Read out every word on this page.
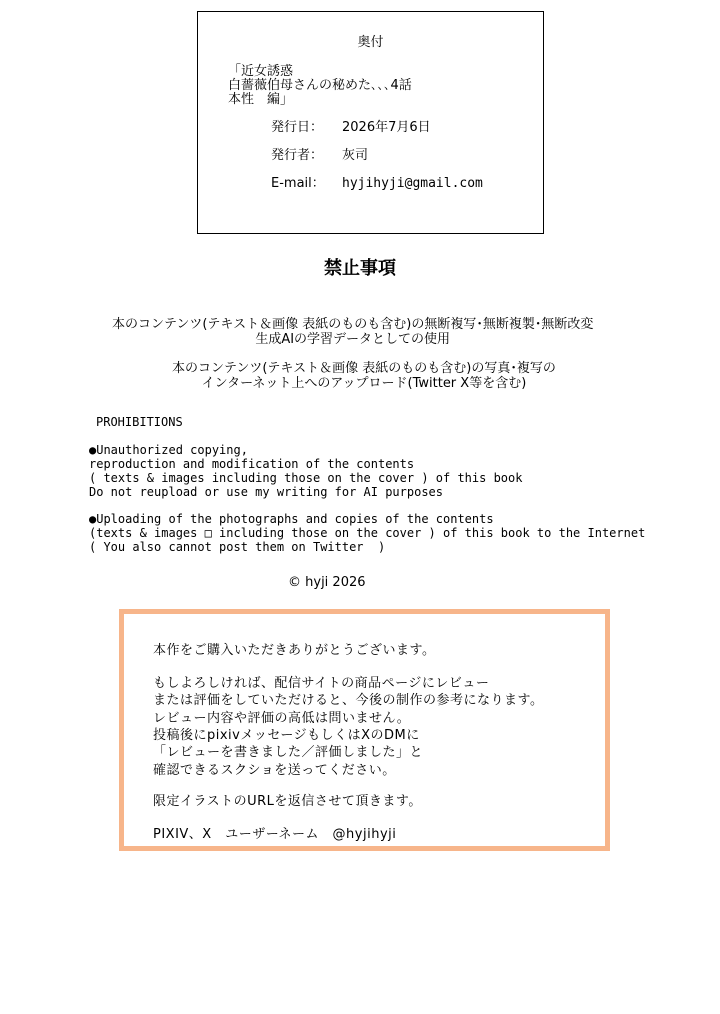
奥付
「近女誘惑
白薔薇伯母さんの秘めた､､､4話
本性　編」
発行日： 2026年7月6日
発行者： 灰司
E-mail： hyjihyji@gmail.com
禁止事項
本のコンテンツ(テキスト＆画像 表紙のものも含む)の無断複写･無断複製･無断改変
生成AIの学習データとしての使用
本のコンテンツ(テキスト＆画像 表紙のものも含む)の写真･複写の
インターネット上へのアップロード(Twitter X等を含む)
PROHIBITIONS
●Unauthorized copying,
reproduction and modification of the contents
( texts & images including those on the cover ) of this book
Do not reupload or use my writing for AI purposes
●Uploading of the photographs and copies of the contents
(texts & images □ including those on the cover ) of this book to the Internet
( You also cannot post them on Twitter  )
© hyji 2026
本作をご購入いただきありがとうございます。
もしよろしければ、配信サイトの商品ページにレビュー
または評価をしていただけると、今後の制作の参考になります。
レビュー内容や評価の高低は問いません。
投稿後にpixivメッセージもしくはXのDMに
「レビューを書きました／評価しました」と
確認できるスクショを送ってください。
限定イラストのURLを返信させて頂きます。
PIXIV、X　ユーザーネーム　@hyjihyji
